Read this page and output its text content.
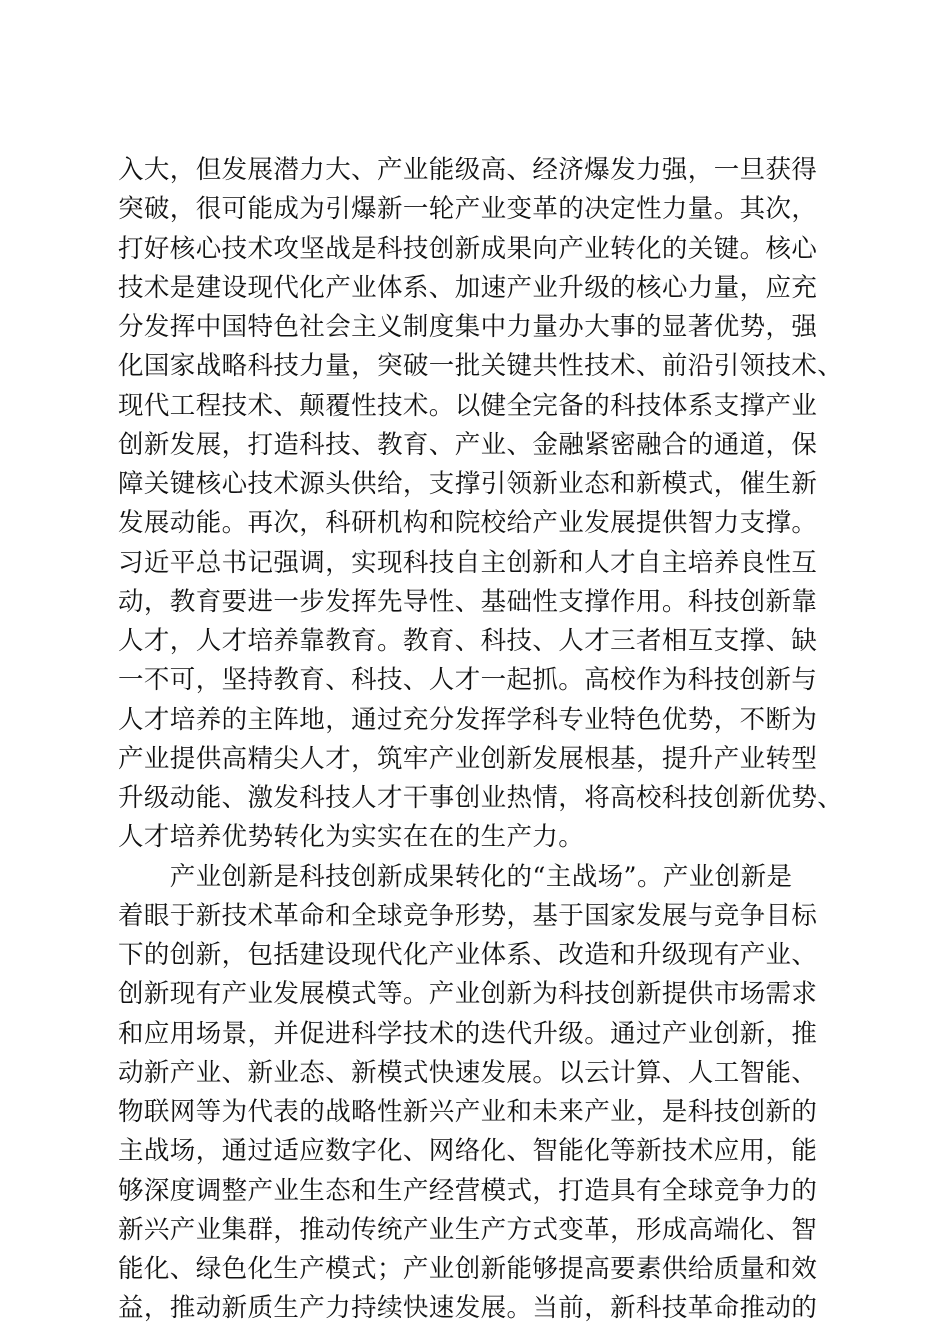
入大，但发展潜力大、产业能级高、经济爆发力强，一旦获得
突破，很可能成为引爆新一轮产业变革的决定性力量。其次，
打好核心技术攻坚战是科技创新成果向产业转化的关键。核心
技术是建设现代化产业体系、加速产业升级的核心力量，应充
分发挥中国特色社会主义制度集中力量办大事的显著优势，强
化国家战略科技力量，突破一批关键共性技术、前沿引领技术、
现代工程技术、颠覆性技术。以健全完备的科技体系支撑产业
创新发展，打造科技、教育、产业、金融紧密融合的通道，保
障关键核心技术源头供给，支撑引领新业态和新模式，催生新
发展动能。再次，科研机构和院校给产业发展提供智力支撑。
习近平总书记强调，实现科技自主创新和人才自主培养良性互
动，教育要进一步发挥先导性、基础性支撑作用。科技创新靠
人才，人才培养靠教育。教育、科技、人才三者相互支撑、缺
一不可，坚持教育、科技、人才一起抓。高校作为科技创新与
人才培养的主阵地，通过充分发挥学科专业特色优势，不断为
产业提供高精尖人才，筑牢产业创新发展根基，提升产业转型
升级动能、激发科技人才干事创业热情，将高校科技创新优势、
人才培养优势转化为实实在在的生产力。
　　产业创新是科技创新成果转化的“主战场”。产业创新是
着眼于新技术革命和全球竞争形势，基于国家发展与竞争目标
下的创新，包括建设现代化产业体系、改造和升级现有产业、
创新现有产业发展模式等。产业创新为科技创新提供市场需求
和应用场景，并促进科学技术的迭代升级。通过产业创新，推
动新产业、新业态、新模式快速发展。以云计算、人工智能、
物联网等为代表的战略性新兴产业和未来产业，是科技创新的
主战场，通过适应数字化、网络化、智能化等新技术应用，能
够深度调整产业生态和生产经营模式，打造具有全球竞争力的
新兴产业集群，推动传统产业生产方式变革，形成高端化、智
能化、绿色化生产模式；产业创新能够提高要素供给质量和效
益，推动新质生产力持续快速发展。当前，新科技革命推动的
